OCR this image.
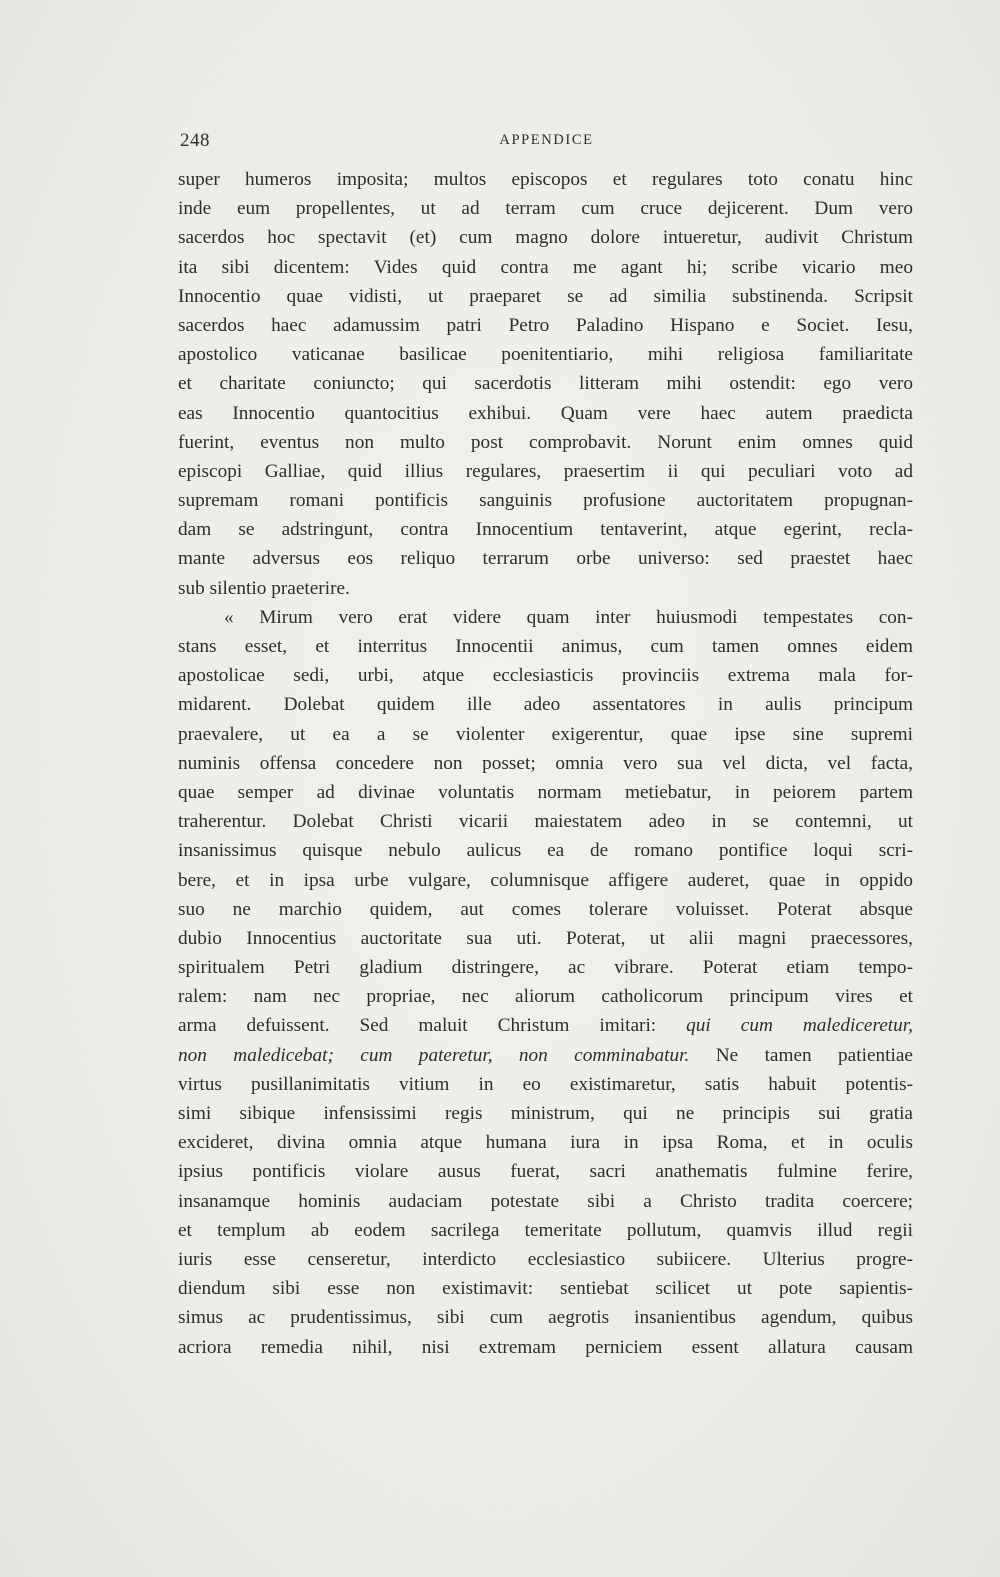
248	APPENDICE
super humeros imposita; multos episcopos et regulares toto conatu hinc
inde eum propellentes, ut ad terram cum cruce dejicerent. Dum vero
sacerdos hoc spectavit (et) cum magno dolore intueretur, audivit Christum
ita sibi dicentem: Vides quid contra me agant hi; scribe vicario meo
Innocentio quae vidisti, ut praeparet se ad similia substinenda. Scripsit
sacerdos haec adamussim patri Petro Paladino Hispano e Societ. Iesu,
apostolico vaticanae basilicae poenitentiario, mihi religiosa familiaritate
et charitate coniuncto; qui sacerdotis litteram mihi ostendit: ego vero
eas Innocentio quantocitius exhibui. Quam vere haec autem praedicta
fuerint, eventus non multo post comprobavit. Norunt enim omnes quid
episcopi Galliae, quid illius regulares, praesertim ii qui peculiari voto ad
supremam romani pontificis sanguinis profusione auctoritatem propugnan-
dam se adstringunt, contra Innocentium tentaverint, atque egerint, recla-
mante adversus eos reliquo terrarum orbe universo: sed praestet haec
sub silentio praeterire.
« Mirum vero erat videre quam inter huiusmodi tempestates con-
stans esset, et interritus Innocentii animus, cum tamen omnes eidem
apostolicae sedi, urbi, atque ecclesiasticis provinciis extrema mala for-
midarent. Dolebat quidem ille adeo assentatores in aulis principum
praevalere, ut ea a se violenter exigerentur, quae ipse sine supremi
numinis offensa concedere non posset; omnia vero sua vel dicta, vel facta,
quae semper ad divinae voluntatis normam metiebatur, in peiorem partem
traherentur. Dolebat Christi vicarii maiestatem adeo in se contemni, ut
insanissimus quisque nebulo aulicus ea de romano pontifice loqui scri-
bere, et in ipsa urbe vulgare, columnisque affigere auderet, quae in oppido
suo ne marchio quidem, aut comes tolerare voluisset. Poterat absque
dubio Innocentius auctoritate sua uti. Poterat, ut alii magni praecessores,
spiritualem Petri gladium distringere, ac vibrare. Poterat etiam tempo-
ralem: nam nec propriae, nec aliorum catholicorum principum vires et
arma defuissent. Sed maluit Christum imitari: qui cum malediceretur,
non maledicebat; cum pateretur, non comminabatur. Ne tamen patientiae
virtus pusillanimitatis vitium in eo existimaretur, satis habuit potentis-
simi sibique infensissimi regis ministrum, qui ne principis sui gratia
excideret, divina omnia atque humana iura in ipsa Roma, et in oculis
ipsius pontificis violare ausus fuerat, sacri anathematis fulmine ferire,
insanamque hominis audaciam potestate sibi a Christo tradita coercere;
et templum ab eodem sacrilega temeritate pollutum, quamvis illud regii
iuris esse censeretur, interdicto ecclesiastico subiicere. Ulterius progre-
diendum sibi esse non existimavit: sentiebat scilicet ut pote sapientis-
simus ac prudentissimus, sibi cum aegrotis insanientibus agendum, quibus
acriora remedia nihil, nisi extremam perniciem essent allatura causam
